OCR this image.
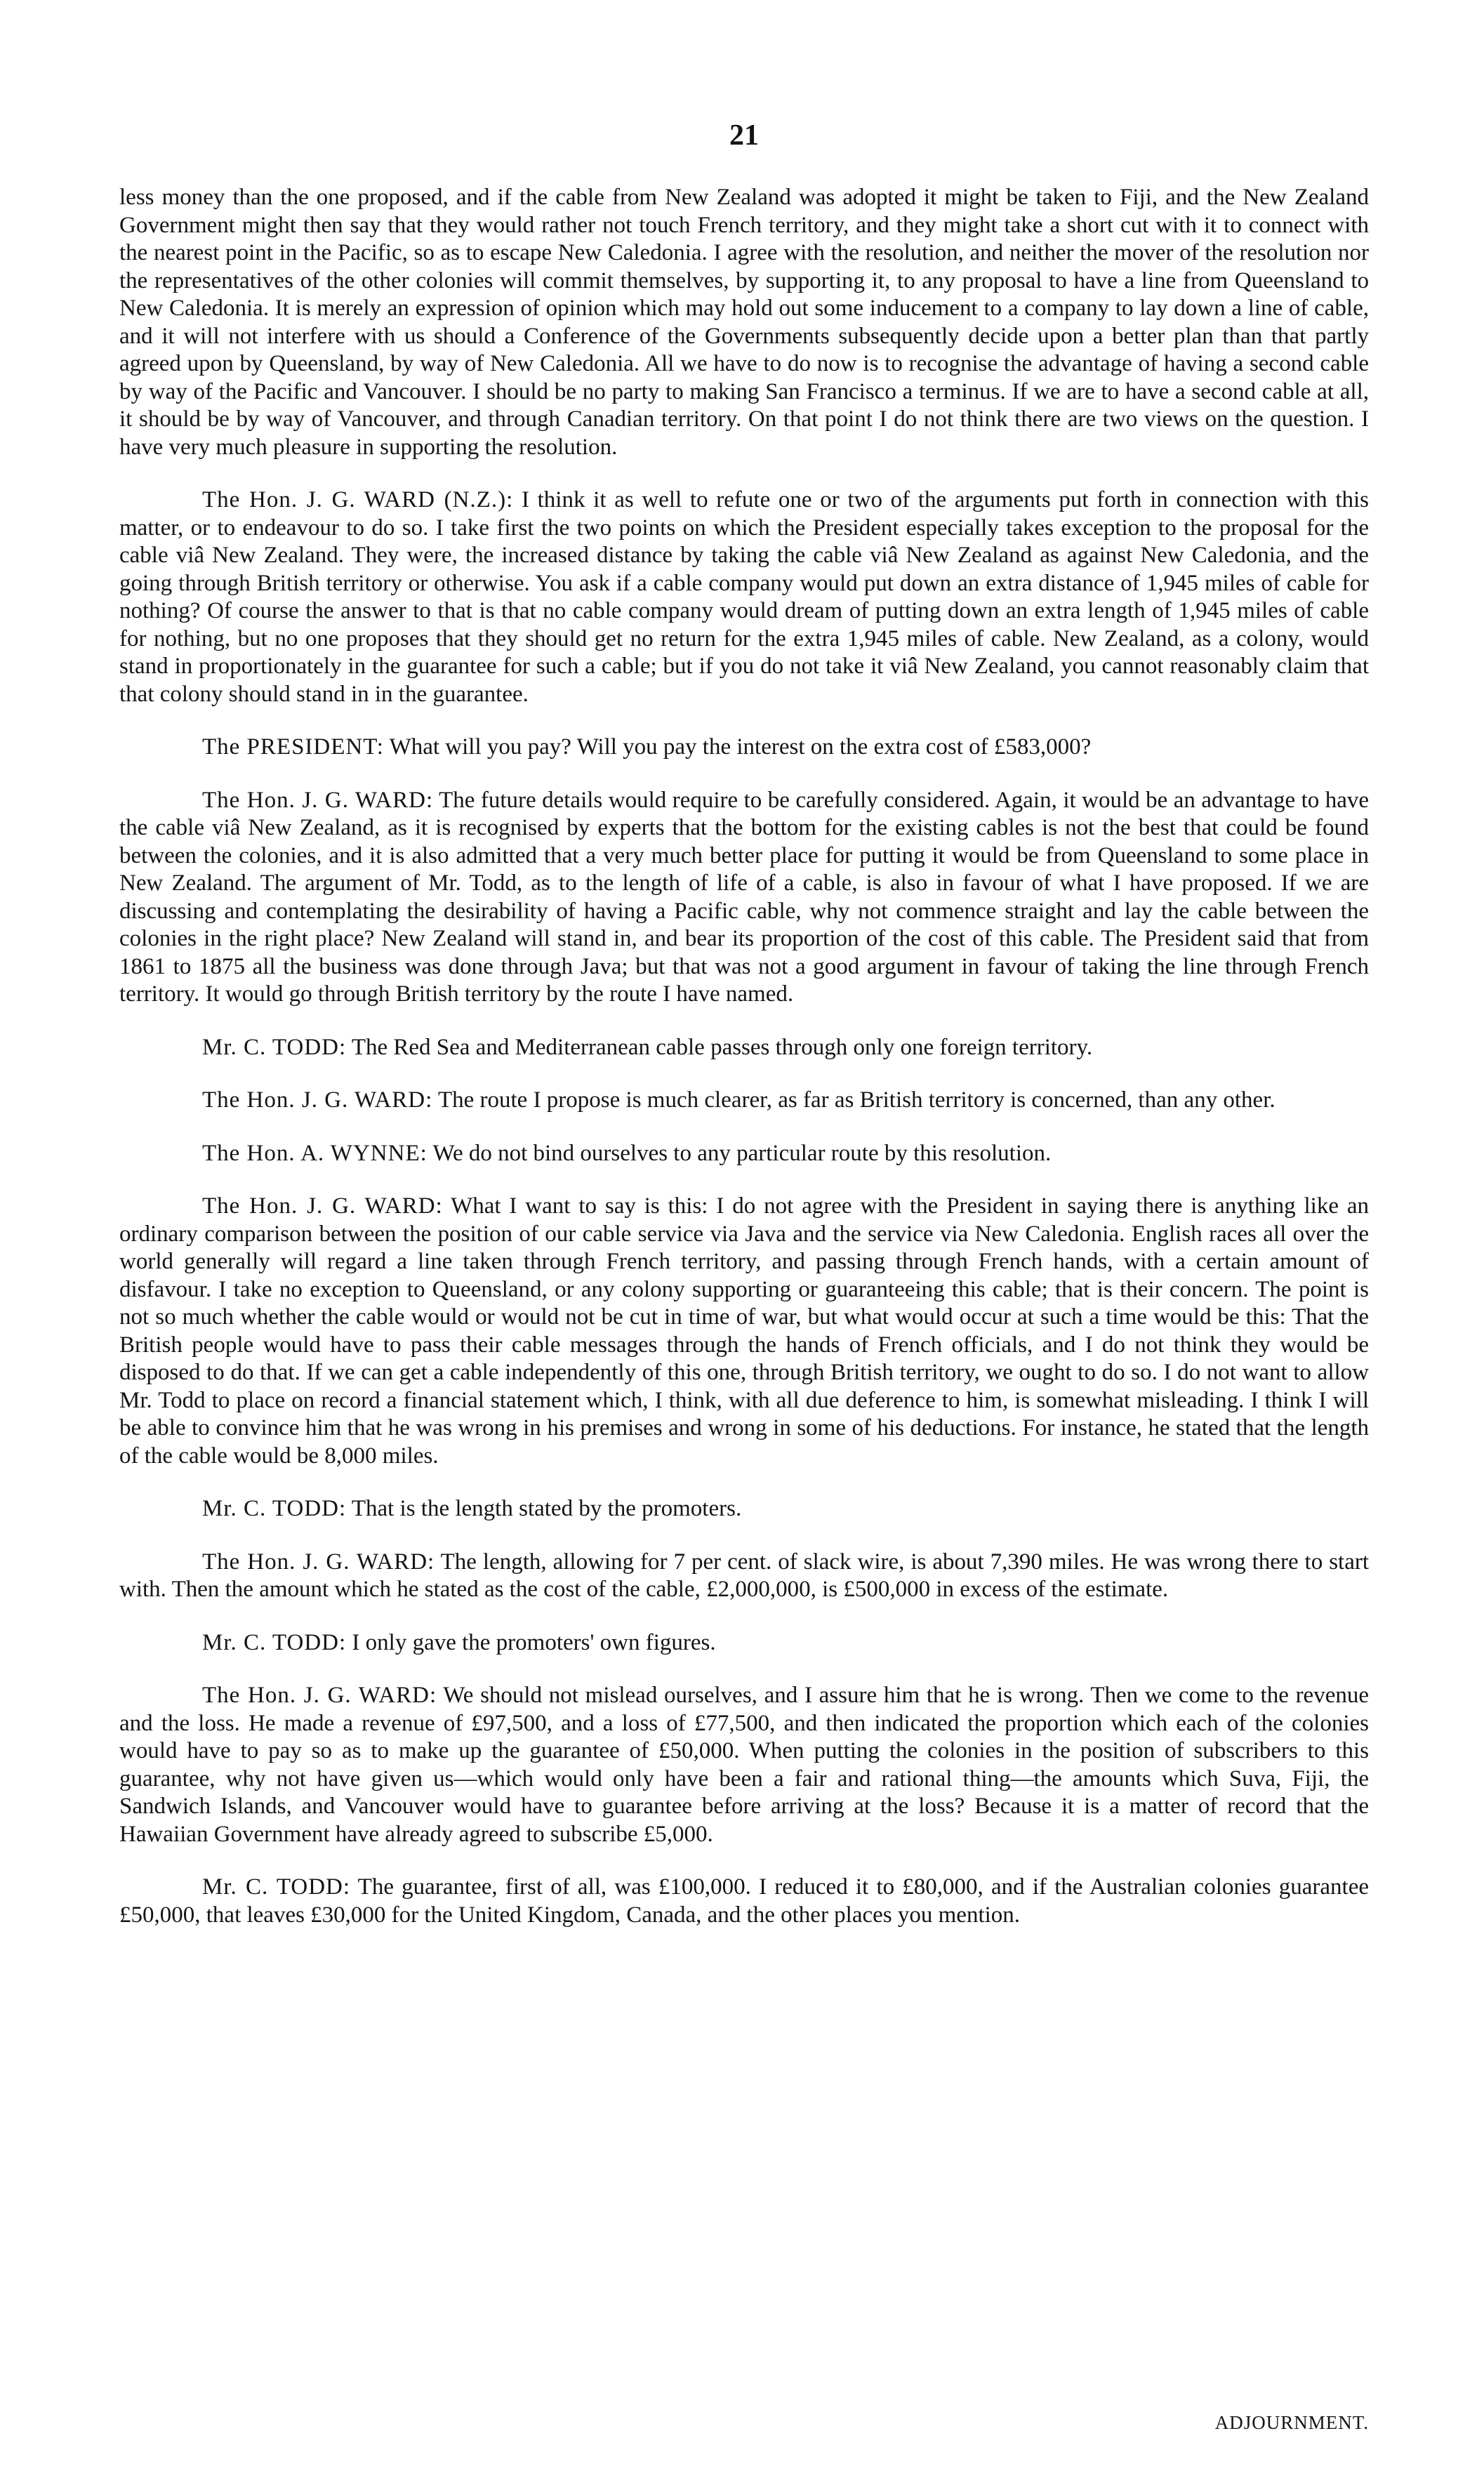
21

less money than the one proposed, and if the cable from New Zealand was adopted it might be taken to Fiji, and the New Zealand Government might then say that they would rather not touch French territory, and they might take a short cut with it to connect with the nearest point in the Pacific, so as to escape New Caledonia. I agree with the resolution, and neither the mover of the resolution nor the representatives of the other colonies will commit themselves, by supporting it, to any proposal to have a line from Queensland to New Caledonia. It is merely an expression of opinion which may hold out some inducement to a company to lay down a line of cable, and it will not interfere with us should a Conference of the Governments subsequently decide upon a better plan than that partly agreed upon by Queensland, by way of New Caledonia. All we have to do now is to recognise the advantage of having a second cable by way of the Pacific and Vancouver. I should be no party to making San Francisco a terminus. If we are to have a second cable at all, it should be by way of Vancouver, and through Canadian territory. On that point I do not think there are two views on the question. I have very much pleasure in supporting the resolution.

The Hon. J. G. WARD (N.Z.): I think it as well to refute one or two of the arguments put forth in connection with this matter, or to endeavour to do so. I take first the two points on which the President especially takes exception to the proposal for the cable viâ New Zealand. They were, the increased distance by taking the cable viâ New Zealand as against New Caledonia, and the going through British territory or otherwise. You ask if a cable company would put down an extra distance of 1,945 miles of cable for nothing? Of course the answer to that is that no cable company would dream of putting down an extra length of 1,945 miles of cable for nothing, but no one proposes that they should get no return for the extra 1,945 miles of cable. New Zealand, as a colony, would stand in proportionately in the guarantee for such a cable; but if you do not take it viâ New Zealand, you cannot reasonably claim that that colony should stand in in the guarantee.

The PRESIDENT: What will you pay? Will you pay the interest on the extra cost of £583,000?

The Hon. J. G. WARD: The future details would require to be carefully considered. Again, it would be an advantage to have the cable viâ New Zealand, as it is recognised by experts that the bottom for the existing cables is not the best that could be found between the colonies, and it is also admitted that a very much better place for putting it would be from Queensland to some place in New Zealand. The argument of Mr. Todd, as to the length of life of a cable, is also in favour of what I have proposed. If we are discussing and contemplating the desirability of having a Pacific cable, why not commence straight and lay the cable between the colonies in the right place? New Zealand will stand in, and bear its proportion of the cost of this cable. The President said that from 1861 to 1875 all the business was done through Java; but that was not a good argument in favour of taking the line through French territory. It would go through British territory by the route I have named.

Mr. C. TODD: The Red Sea and Mediterranean cable passes through only one foreign territory.

The Hon. J. G. WARD: The route I propose is much clearer, as far as British territory is concerned, than any other.

The Hon. A. WYNNE: We do not bind ourselves to any particular route by this resolution.

The Hon. J. G. WARD: What I want to say is this: I do not agree with the President in saying there is anything like an ordinary comparison between the position of our cable service via Java and the service via New Caledonia. English races all over the world generally will regard a line taken through French territory, and passing through French hands, with a certain amount of disfavour. I take no exception to Queensland, or any colony supporting or guaranteeing this cable; that is their concern. The point is not so much whether the cable would or would not be cut in time of war, but what would occur at such a time would be this: That the British people would have to pass their cable messages through the hands of French officials, and I do not think they would be disposed to do that. If we can get a cable independently of this one, through British territory, we ought to do so. I do not want to allow Mr. Todd to place on record a financial statement which, I think, with all due deference to him, is somewhat misleading. I think I will be able to convince him that he was wrong in his premises and wrong in some of his deductions. For instance, he stated that the length of the cable would be 8,000 miles.

Mr. C. TODD: That is the length stated by the promoters.

The Hon. J. G. WARD: The length, allowing for 7 per cent. of slack wire, is about 7,390 miles. He was wrong there to start with. Then the amount which he stated as the cost of the cable, £2,000,000, is £500,000 in excess of the estimate.

Mr. C. TODD: I only gave the promoters' own figures.

The Hon. J. G. WARD: We should not mislead ourselves, and I assure him that he is wrong. Then we come to the revenue and the loss. He made a revenue of £97,500, and a loss of £77,500, and then indicated the proportion which each of the colonies would have to pay so as to make up the guarantee of £50,000. When putting the colonies in the position of subscribers to this guarantee, why not have given us—which would only have been a fair and rational thing—the amounts which Suva, Fiji, the Sandwich Islands, and Vancouver would have to guarantee before arriving at the loss? Because it is a matter of record that the Hawaiian Government have already agreed to subscribe £5,000.

Mr. C. TODD: The guarantee, first of all, was £100,000. I reduced it to £80,000, and if the Australian colonies guarantee £50,000, that leaves £30,000 for the United Kingdom, Canada, and the other places you mention.

ADJOURNMENT.
